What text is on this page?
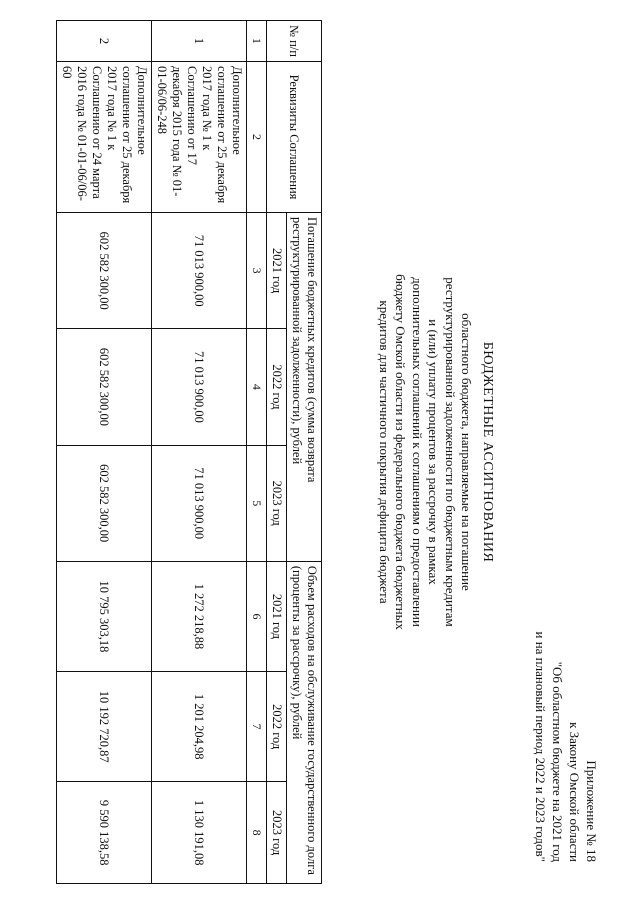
Приложение № 18
к Закону Омской области
"Об областном бюджете на 2021 год
и на плановый период 2022 и 2023 годов"
БЮДЖЕТНЫЕ АССИГНОВАНИЯ
областного бюджета, направляемые на погашение
реструктурированной задолженности по бюджетным кредитам
и (или) уплату процентов за рассрочку в рамках
дополнительных соглашений к соглашениям о предоставлении
бюджету Омской области из федерального бюджета бюджетных
кредитов для частичного покрытия дефицита бюджета
№ п/п	Реквизиты Соглашения	Погашение бюджетных кредитов (сумма возврата реструктурированной задолженности), рублей			Объем расходов на обслуживание государственного долга (проценты за рассрочку), рублей		
		2021 год	2022 год	2023 год	2021 год	2022 год	2023 год
1	2	3	4	5	6	7	8
1	Дополнительное соглашение от 25 декабря 2017 года № 1 к Соглашению от 17 декабря 2015 года № 01-01-06/06-248	71 013 900,00	71 013 900,00	71 013 900,00	1 272 218,88	1 201 204,98	1 130 191,08
2	Дополнительное соглашение от 25 декабря 2017 года № 1 к Соглашению от 24 марта 2016 года № 01-01-06/06-60	602 582 300,00	602 582 300,00	602 582 300,00	10 795 303,18	10 192 720,87	9 590 138,58
